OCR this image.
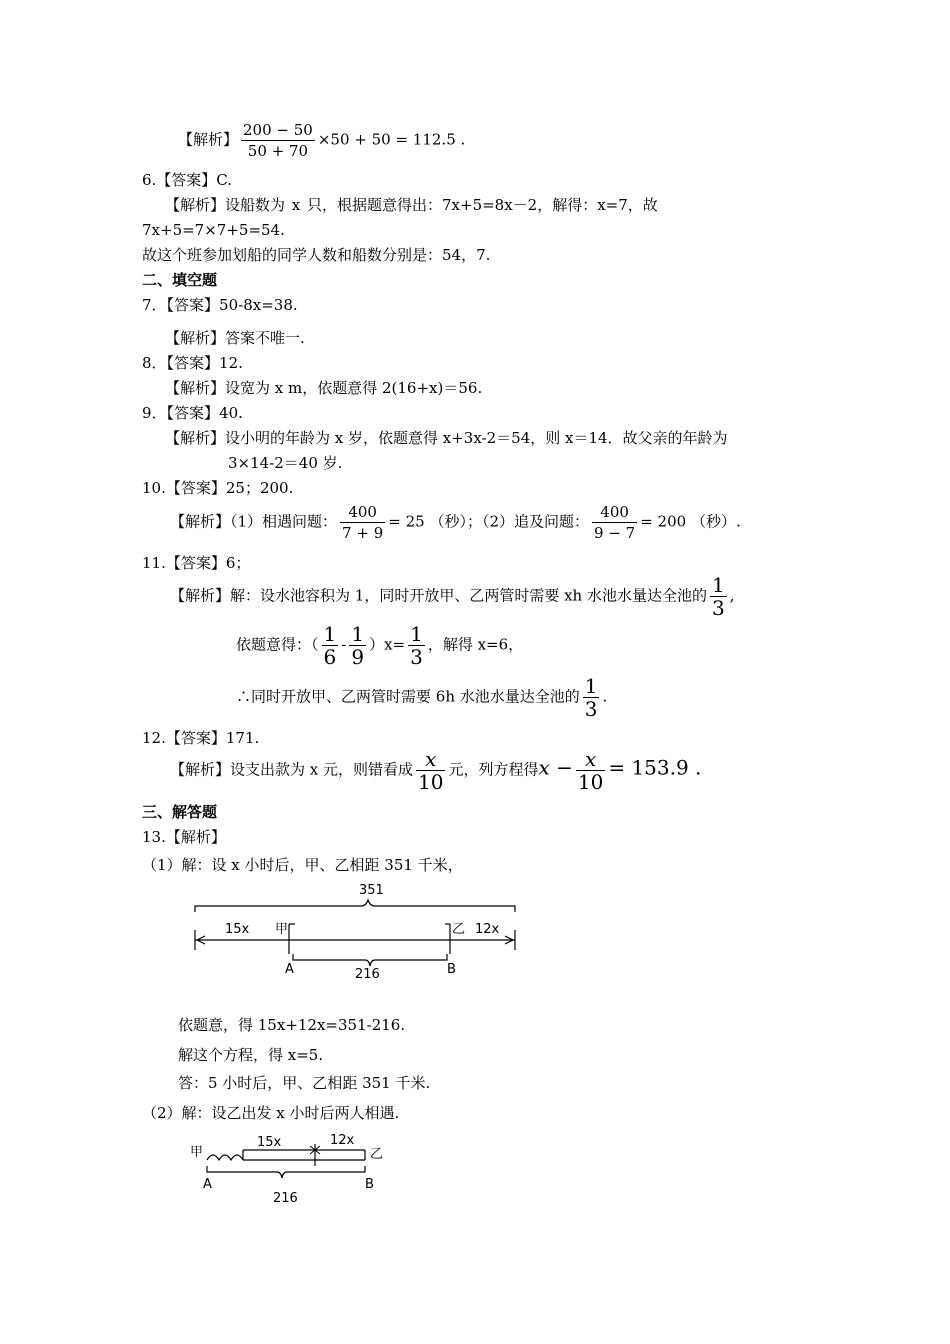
【解析】 $\frac{200 - 50}{50 + 70} \times 50 + 50 = 112.5$ .
6.【答案】C.
【解析】设船数为 x 只，根据题意得出：7x+5=8x－2，解得：x=7，故
7x+5=7×7+5=54.
故这个班参加划船的同学人数和船数分别是：54，7.
二、填空题
7．【答案】50-8x=38.
【解析】答案不唯一.
8．【答案】12.
【解析】设宽为 x m，依题意得 2(16+x)＝56.
9．【答案】40.
【解析】设小明的年龄为 x 岁，依题意得 x+3x-2＝54，则 x＝14．故父亲的年龄为
3×14-2＝40 岁.
10.【答案】25；200.
【解析】（1）相遇问题： $\frac{400}{7 + 9} = 25$ （秒）；（2）追及问题： $\frac{400}{9 - 7} = 200$ （秒）.
11.【答案】6；
【解析】解：设水池容积为 1，同时开放甲、乙两管时需要 xh 水池水量达全池的 $\frac{1}{3}$ ,
依题意得：（ $\frac{1}{6} - \frac{1}{9} )x= \frac{1}{3}$ ，解得 x=6，
∴同时开放甲、乙两管时需要 6h 水池水量达全池的 $\frac{1}{3}$ .
12.【答案】171.
【解析】设支出款为 x 元，则错看成 $\frac{x}{10}$ 元，列方程得$x - \frac{x}{10} = 153.9$ .
三、解答题
13.【解析】
（1）解：设 x 小时后，甲、乙相距 351 千米，
351
15x 甲	乙 12x
A	B
216
依题意，得 15x+12x=351-216.
解这个方程，得 x=5.
答：5 小时后，甲、乙相距 351 千米.
（2）解：设乙出发 x 小时后两人相遇.
甲
15x	12x
乙
A	B
216
